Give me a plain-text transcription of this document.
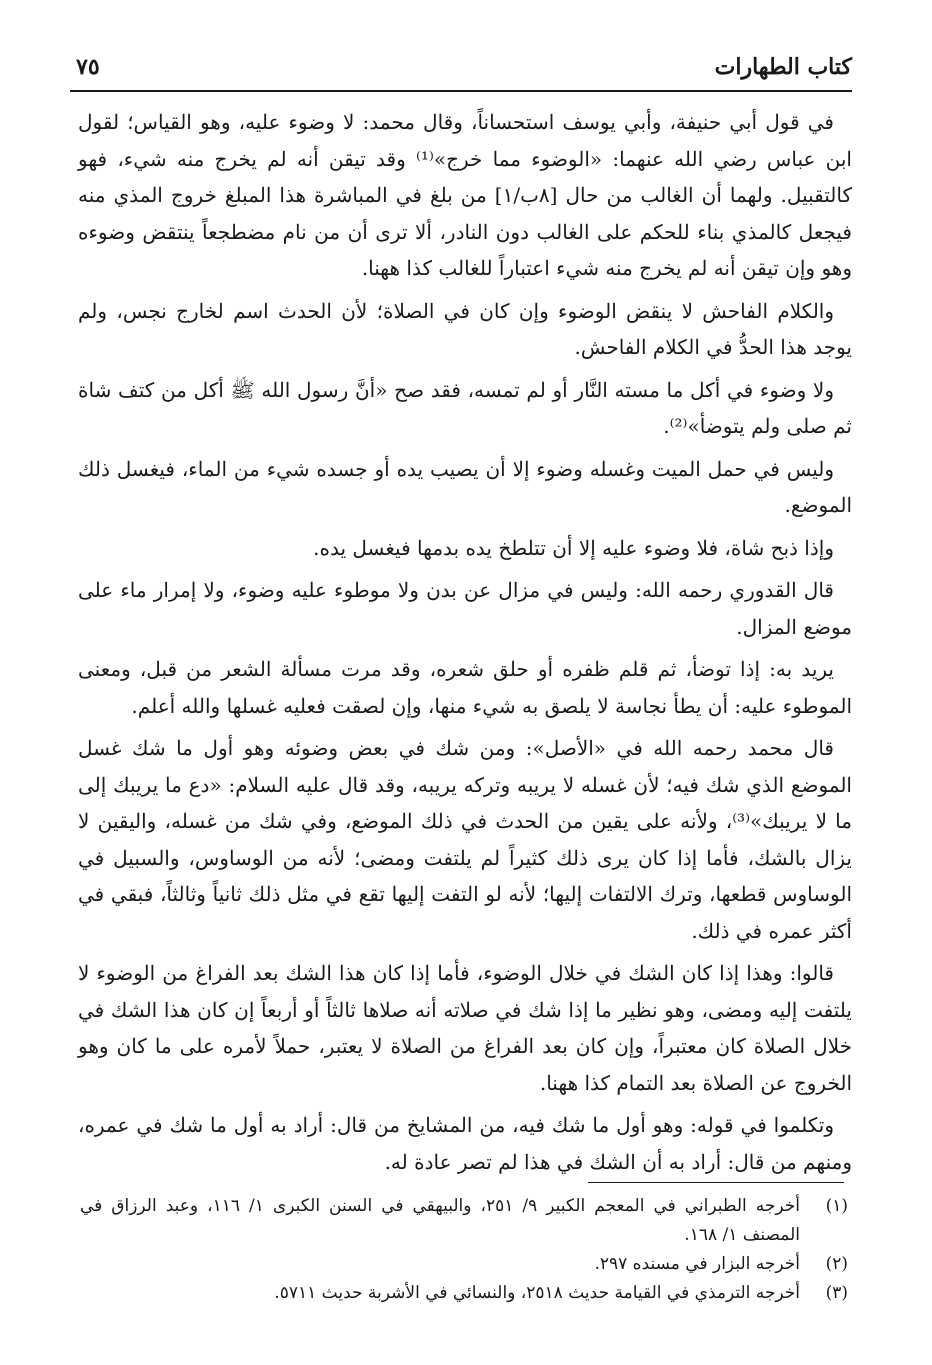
كتاب الطهارات
٧٥

في قول أبي حنيفة، وأبي يوسف استحساناً، وقال محمد: لا وضوء عليه، وهو القياس؛ لقول ابن عباس رضي الله عنهما: «الوضوء مما خرج»⁽¹⁾ وقد تيقن أنه لم يخرج منه شيء، فهو كالتقبيل. ولهما أن الغالب من حال [٨ب/١] من بلغ في المباشرة هذا المبلغ خروج المذي منه فيجعل كالمذي بناء للحكم على الغالب دون النادر، ألا ترى أن من نام مضطجعاً ينتقض وضوءه وهو وإن تيقن أنه لم يخرج منه شيء اعتباراً للغالب كذا ههنا.

والكلام الفاحش لا ينقض الوضوء وإن كان في الصلاة؛ لأن الحدث اسم لخارج نجس، ولم يوجد هذا الحدُّ في الكلام الفاحش.

ولا وضوء في أكل ما مسته النَّار أو لم تمسه، فقد صح «أنَّ رسول الله ﷺ أكل من كتف شاة ثم صلى ولم يتوضأ»⁽²⁾.

وليس في حمل الميت وغسله وضوء إلا أن يصيب يده أو جسده شيء من الماء، فيغسل ذلك الموضع.

وإذا ذبح شاة، فلا وضوء عليه إلا أن تتلطخ يده بدمها فيغسل يده.

قال القدوري رحمه الله: وليس في مزال عن بدن ولا موطوء عليه وضوء، ولا إمرار ماء على موضع المزال.

يريد به: إذا توضأ، ثم قلم ظفره أو حلق شعره، وقد مرت مسألة الشعر من قبل، ومعنى الموطوء عليه: أن يطأ نجاسة لا يلصق به شيء منها، وإن لصقت فعليه غسلها والله أعلم.

قال محمد رحمه الله في «الأصل»: ومن شك في بعض وضوئه وهو أول ما شك غسل الموضع الذي شك فيه؛ لأن غسله لا يريبه وتركه يريبه، وقد قال عليه السلام: «دع ما يريبك إلى ما لا يريبك»⁽³⁾، ولأنه على يقين من الحدث في ذلك الموضع، وفي شك من غسله، واليقين لا يزال بالشك، فأما إذا كان يرى ذلك كثيراً لم يلتفت ومضى؛ لأنه من الوساوس، والسبيل في الوساوس قطعها، وترك الالتفات إليها؛ لأنه لو التفت إليها تقع في مثل ذلك ثانياً وثالثاً، فبقي في أكثر عمره في ذلك.

قالوا: وهذا إذا كان الشك في خلال الوضوء، فأما إذا كان هذا الشك بعد الفراغ من الوضوء لا يلتفت إليه ومضى، وهو نظير ما إذا شك في صلاته أنه صلاها ثالثاً أو أربعاً إن كان هذا الشك في خلال الصلاة كان معتبراً، وإن كان بعد الفراغ من الصلاة لا يعتبر، حملاً لأمره على ما كان وهو الخروج عن الصلاة بعد التمام كذا ههنا.

وتكلموا في قوله: وهو أول ما شك فيه، من المشايخ من قال: أراد به أول ما شك في عمره، ومنهم من قال: أراد به أن الشك في هذا لم تصر عادة له.

(١)
أخرجه الطبراني في المعجم الكبير ٩/ ٢٥١، والبيهقي في السنن الكبرى ١/ ١١٦، وعبد الرزاق في المصنف ١/ ١٦٨.

(٢)
أخرجه البزار في مسنده ٢٩٧.

(٣)
أخرجه الترمذي في القيامة حديث ٢٥١٨، والنسائي في الأشربة حديث ٥٧١١.
